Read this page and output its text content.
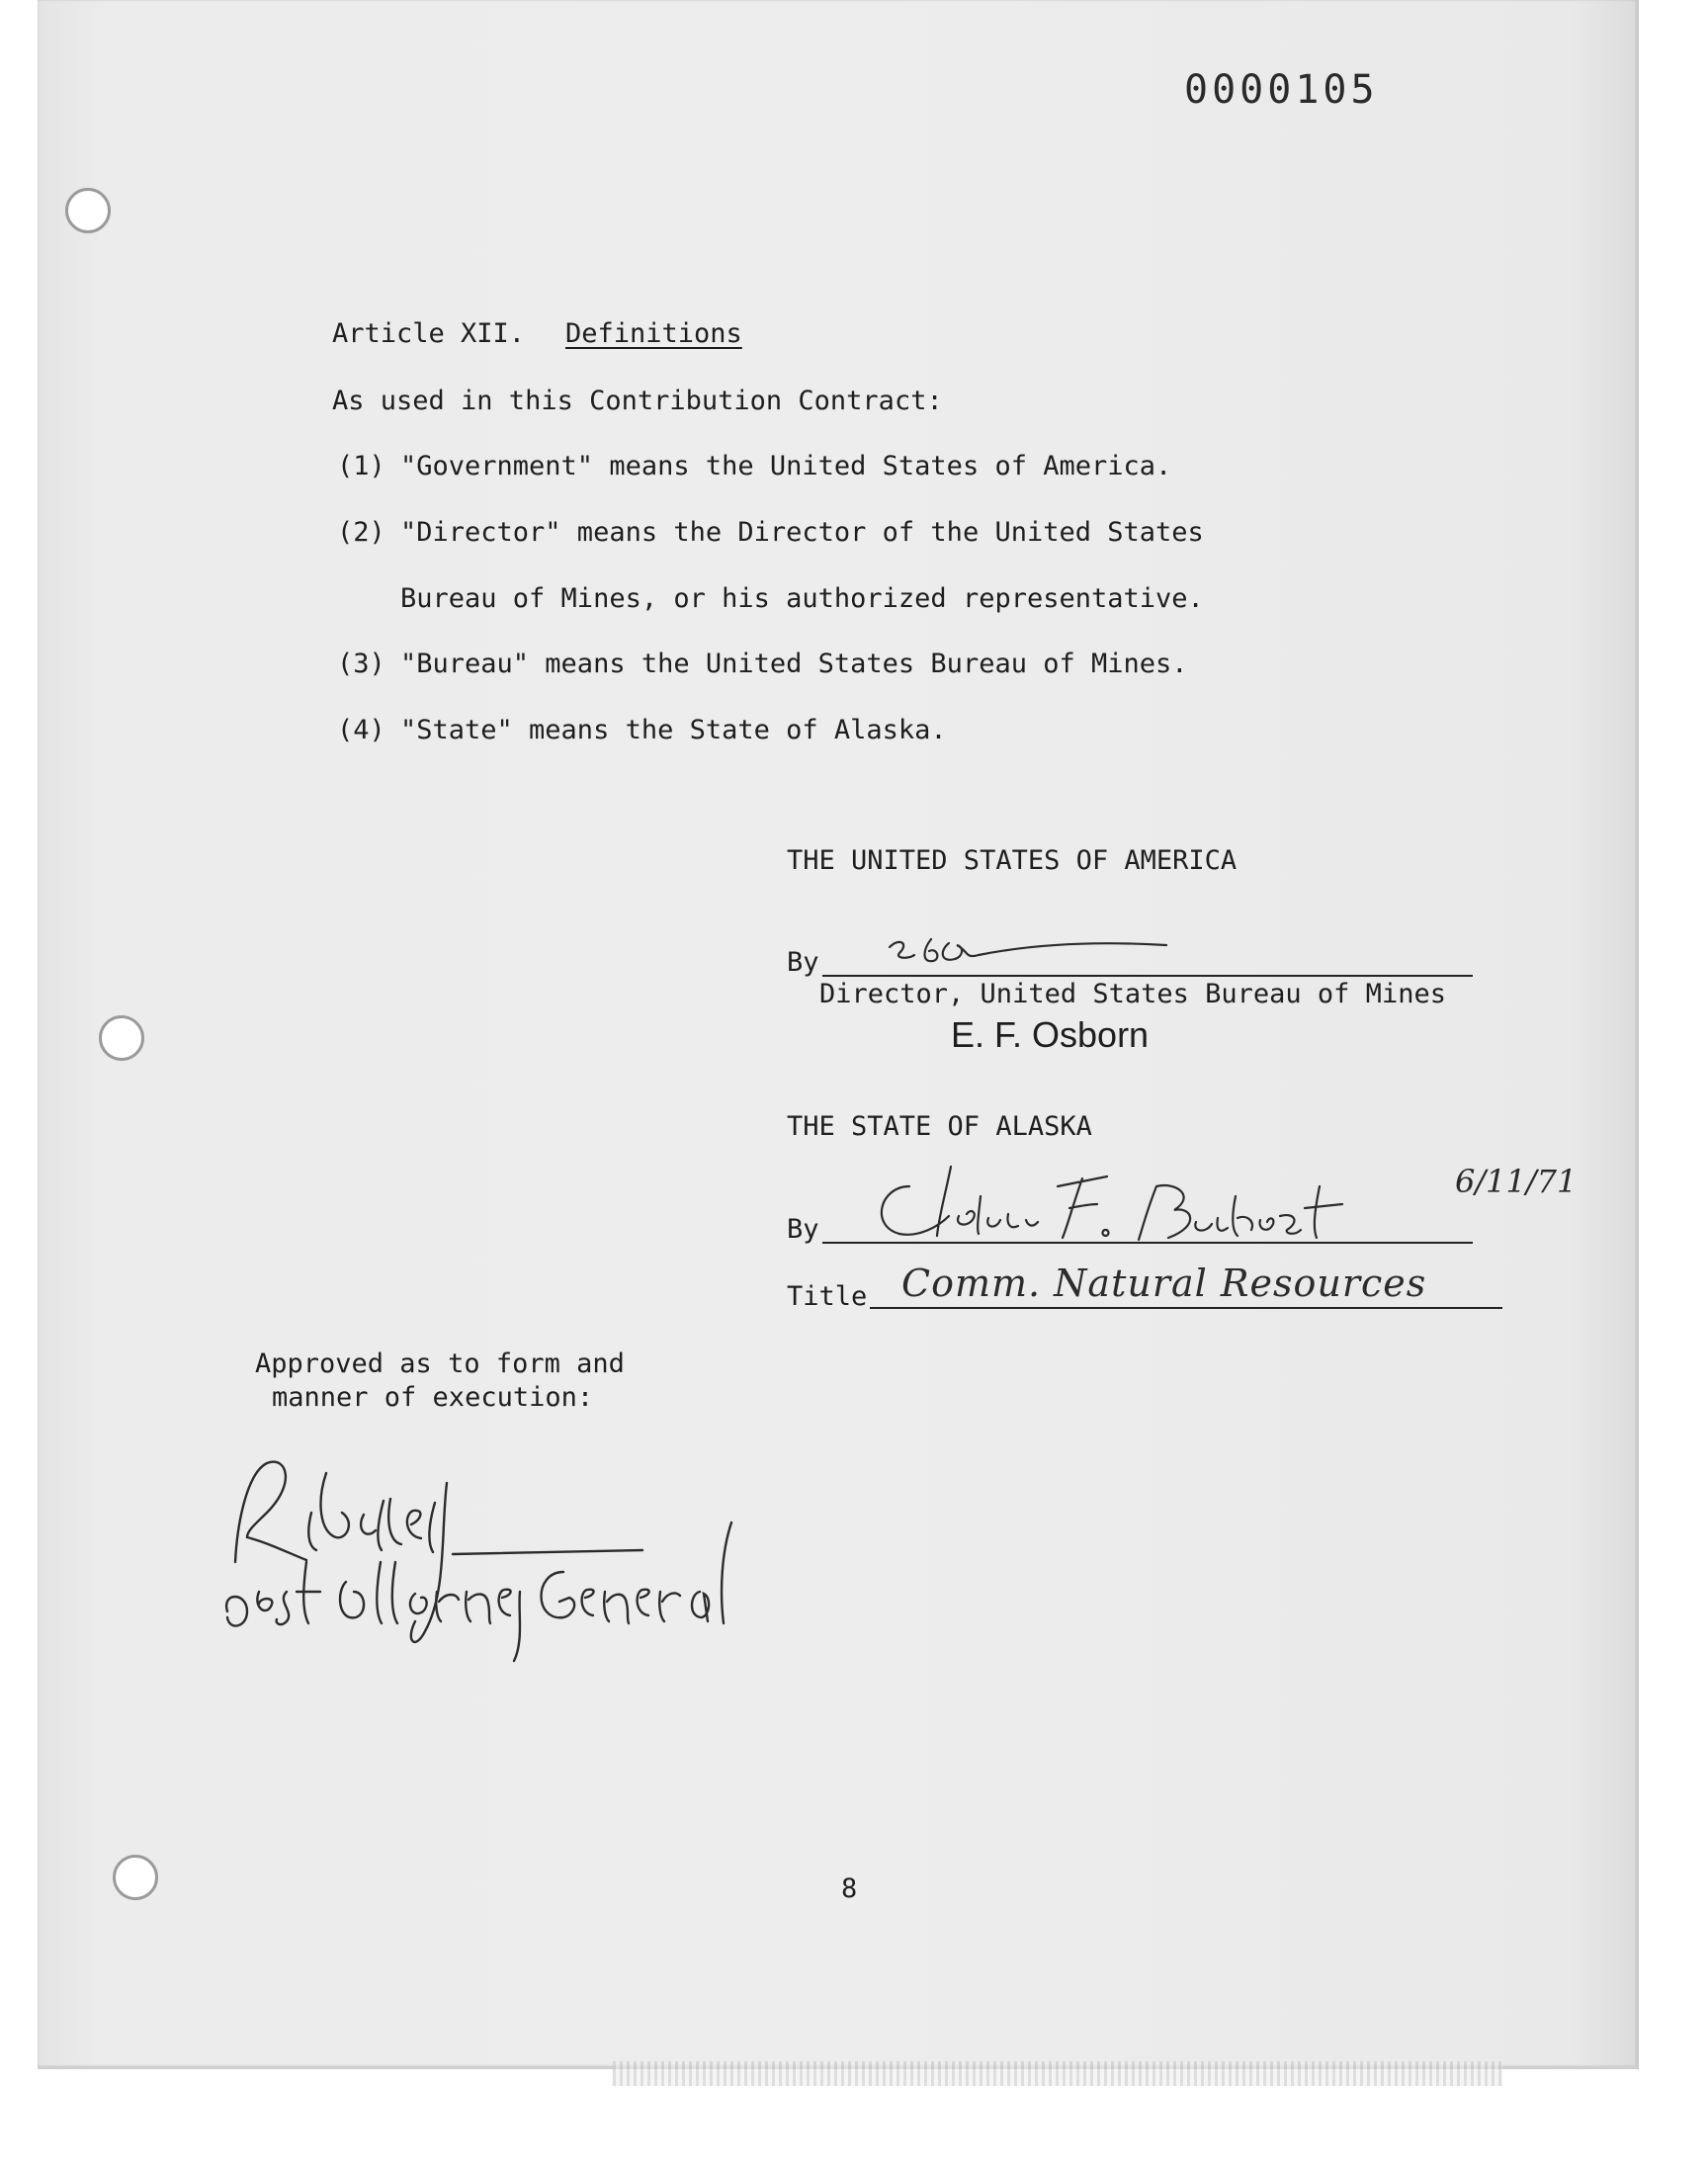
0000105
Article XII. Definitions
As used in this Contribution Contract:
(1) "Government" means the United States of America.
(2) "Director" means the Director of the United States
Bureau of Mines, or his authorized representative.
(3) "Bureau" means the United States Bureau of Mines.
(4) "State" means the State of Alaska.
THE UNITED STATES OF AMERICA
By
Director, United States Bureau of Mines
E. F. Osborn
THE STATE OF ALASKA
By
6/11/71
Title Comm. Natural Resources
Approved as to form and
manner of execution:

8
